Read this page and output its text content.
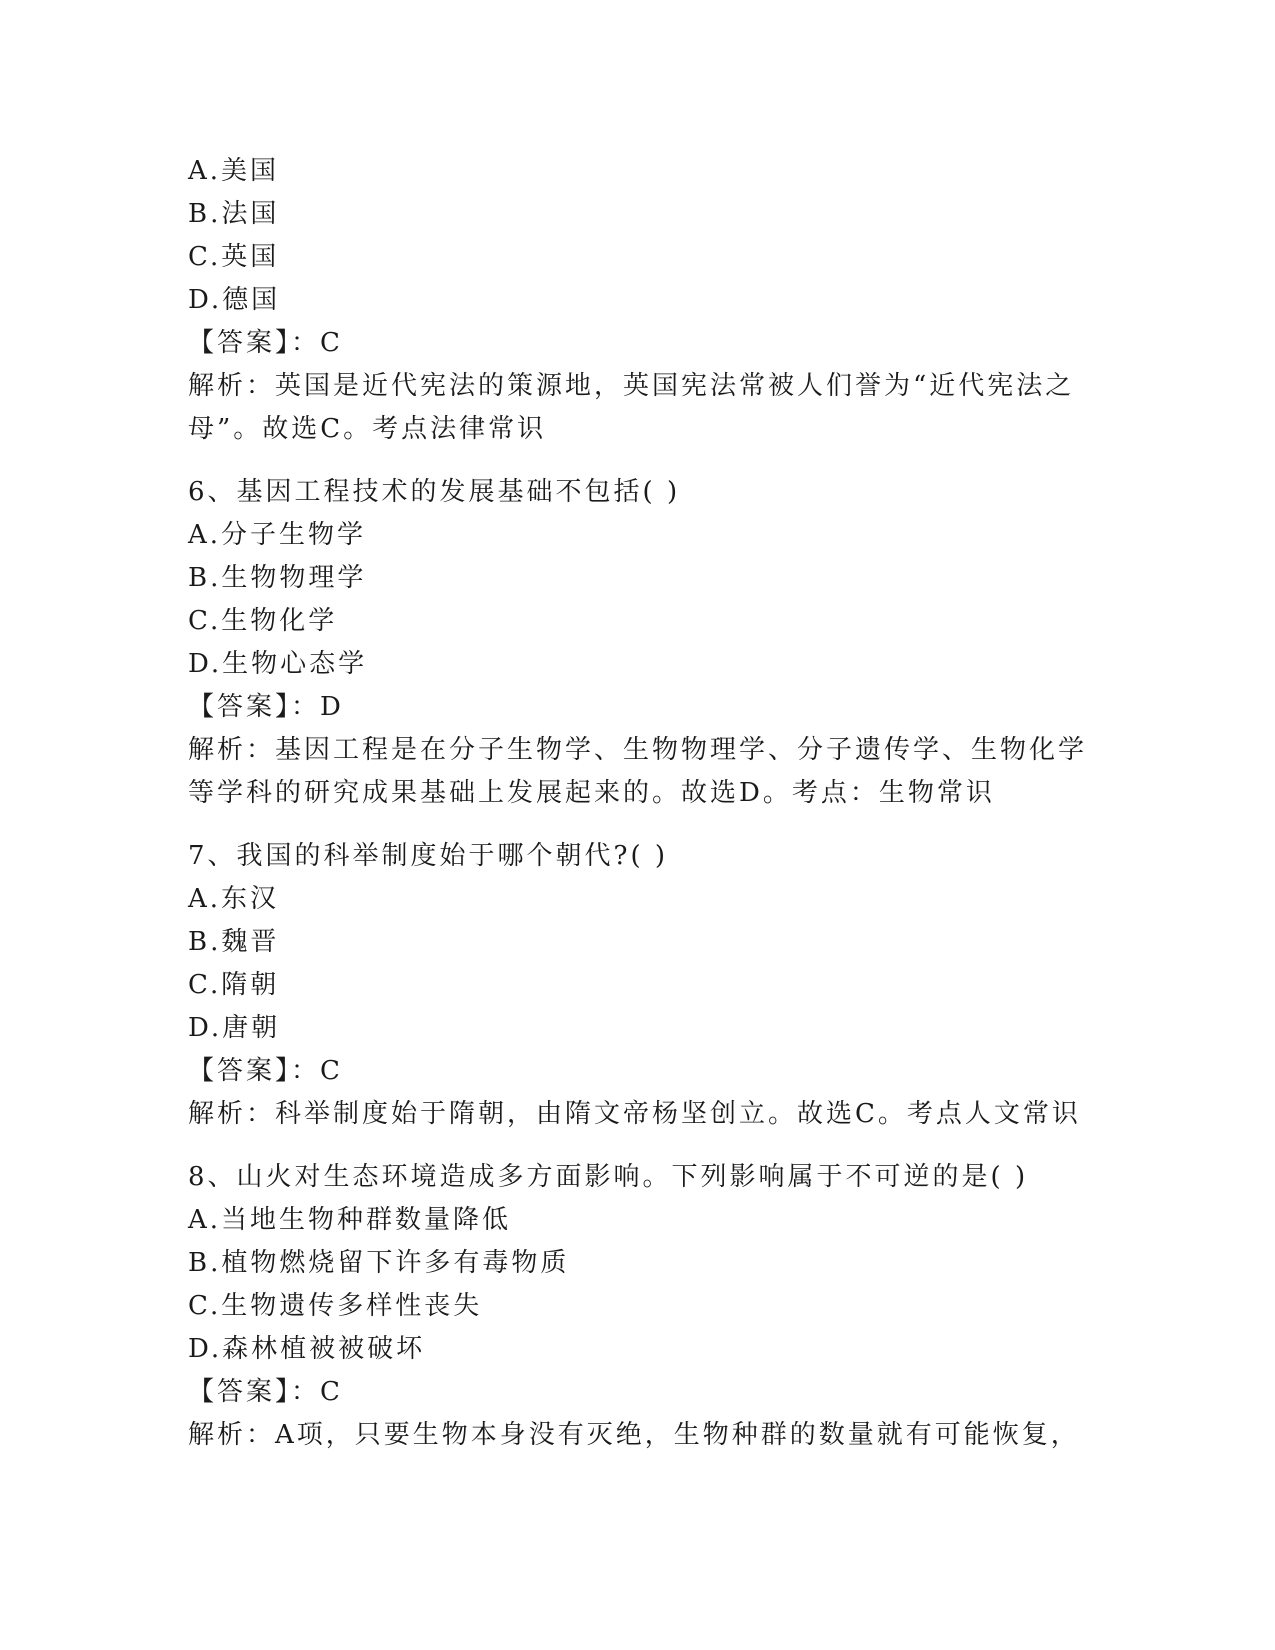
A.美国
B.法国
C.英国
D.德国
【答案】：C
解析：英国是近代宪法的策源地，英国宪法常被人们誉为“近代宪法之母”。故选C。考点法律常识
6、基因工程技术的发展基础不包括( )
A.分子生物学
B.生物物理学
C.生物化学
D.生物心态学
【答案】：D
解析：基因工程是在分子生物学、生物物理学、分子遗传学、生物化学等学科的研究成果基础上发展起来的。故选D。考点：生物常识
7、我国的科举制度始于哪个朝代?( )
A.东汉
B.魏晋
C.隋朝
D.唐朝
【答案】：C
解析：科举制度始于隋朝，由隋文帝杨坚创立。故选C。考点人文常识
8、山火对生态环境造成多方面影响。下列影响属于不可逆的是( )
A.当地生物种群数量降低
B.植物燃烧留下许多有毒物质
C.生物遗传多样性丧失
D.森林植被被破坏
【答案】：C
解析：A项，只要生物本身没有灭绝，生物种群的数量就有可能恢复，
